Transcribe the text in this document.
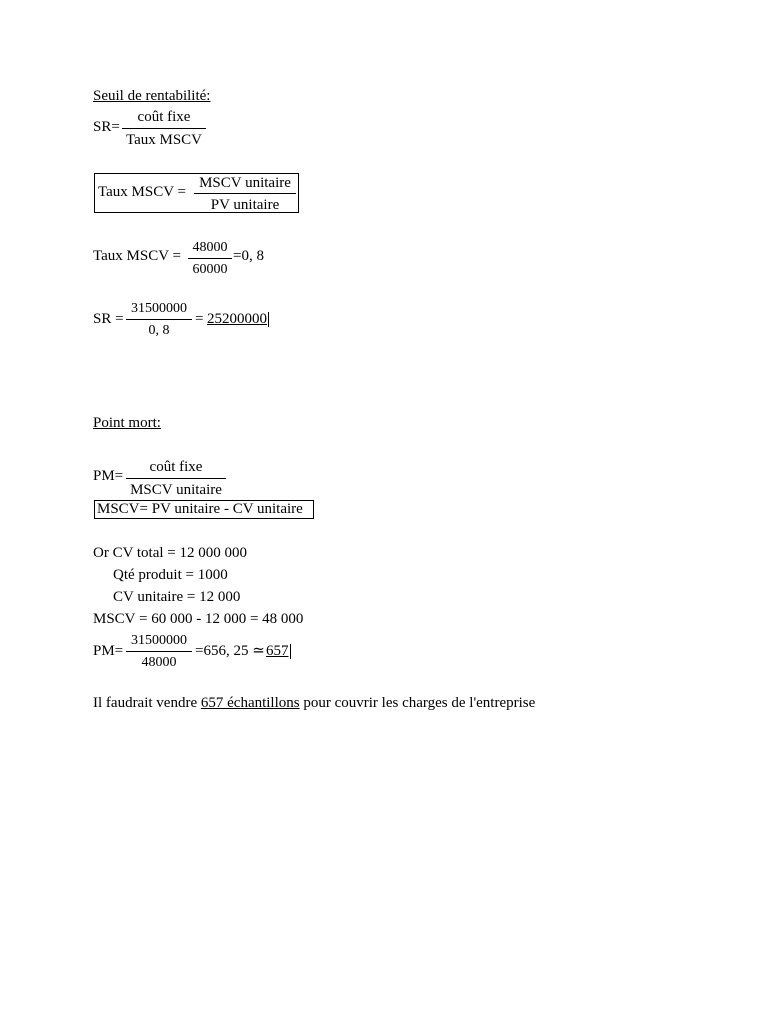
Seuil de rentabilité:
SR=
coût fixe
Taux MSCV
Taux MSCV =
MSCV unitaire
PV unitaire
Taux MSCV = $\frac{48000}{60000} =0$, 8
SR = $\frac{31500000}{0, 8} = 25200000$
Point mort:
PM=
coût fixe
MSCV unitaire
MSCV= PV unitaire - CV unitaire
Or CV total = 12 000 000
Qté produit = 1000
CV unitaire = 12 000
MSCV = 60 000 - 12 000 = 48 000
$PM= \frac{31500000}{48000} =656$, 25 ≃ 657
Il faudrait vendre 657 échantillons pour couvrir les charges de l'entreprise
